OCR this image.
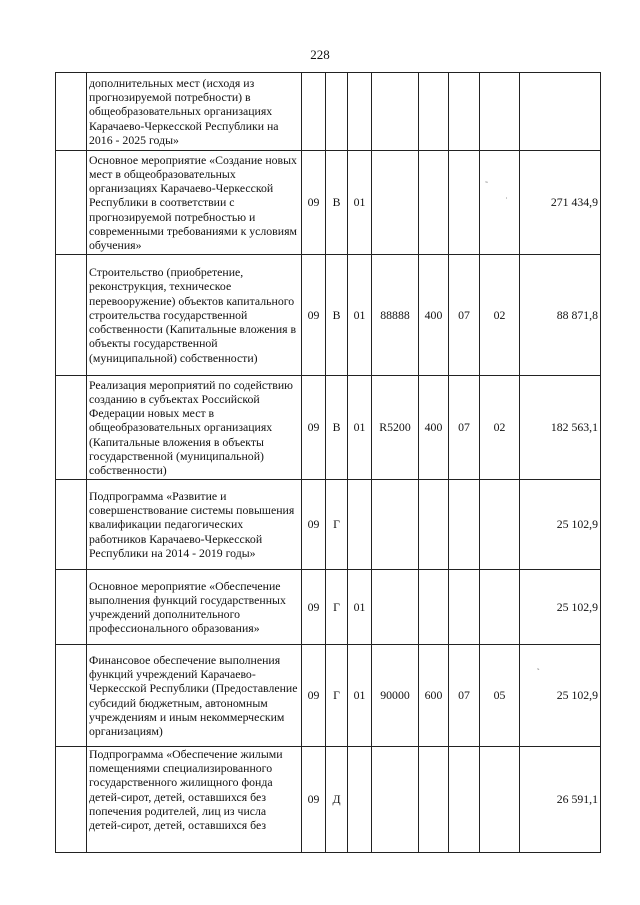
228
	дополнительных мест (исходя из прогнозируемой потребности) в общеобразовательных организациях Карачаево-Черкесской Республики на 2016 - 2025 годы»								
	Основное мероприятие «Создание новых мест в общеобразовательных организациях Карачаево-Черкесской Республики в соответствии с прогнозируемой потребностью и современными требованиями к условиям обучения»	09	В	01					271 434,9
	Строительство (приобретение, реконструкция, техническое перевооружение) объектов капитального строительства государственной собственности (Капитальные вложения в объекты государственной (муниципальной) собственности)	09	В	01	88888	400	07	02	88 871,8
	Реализация мероприятий по содействию созданию в субъектах Российской Федерации новых мест в общеобразовательных организациях (Капитальные вложения в объекты государственной (муниципальной) собственности)	09	В	01	R5200	400	07	02	182 563,1
	Подпрограмма «Развитие и совершенствование системы повышения квалификации педагогических работников Карачаево-Черкесской Республики на 2014 - 2019 годы»	09	Г						25 102,9
	Основное мероприятие «Обеспечение выполнения функций государственных учреждений дополнительного профессионального образования»	09	Г	01					25 102,9
	Финансовое обеспечение выполнения функций учреждений Карачаево-Черкесской Республики (Предоставление субсидий бюджетным, автономным учреждениям и иным некоммерческим организациям)	09	Г	01	90000	600	07	05	25 102,9
	Подпрограмма «Обеспечение жилыми помещениями специализированного государственного жилищного фонда детей-сирот, детей, оставшихся без попечения родителей, лиц из числа детей-сирот, детей, оставшихся без	09	Д						26 591,1
˜
˙
˛
